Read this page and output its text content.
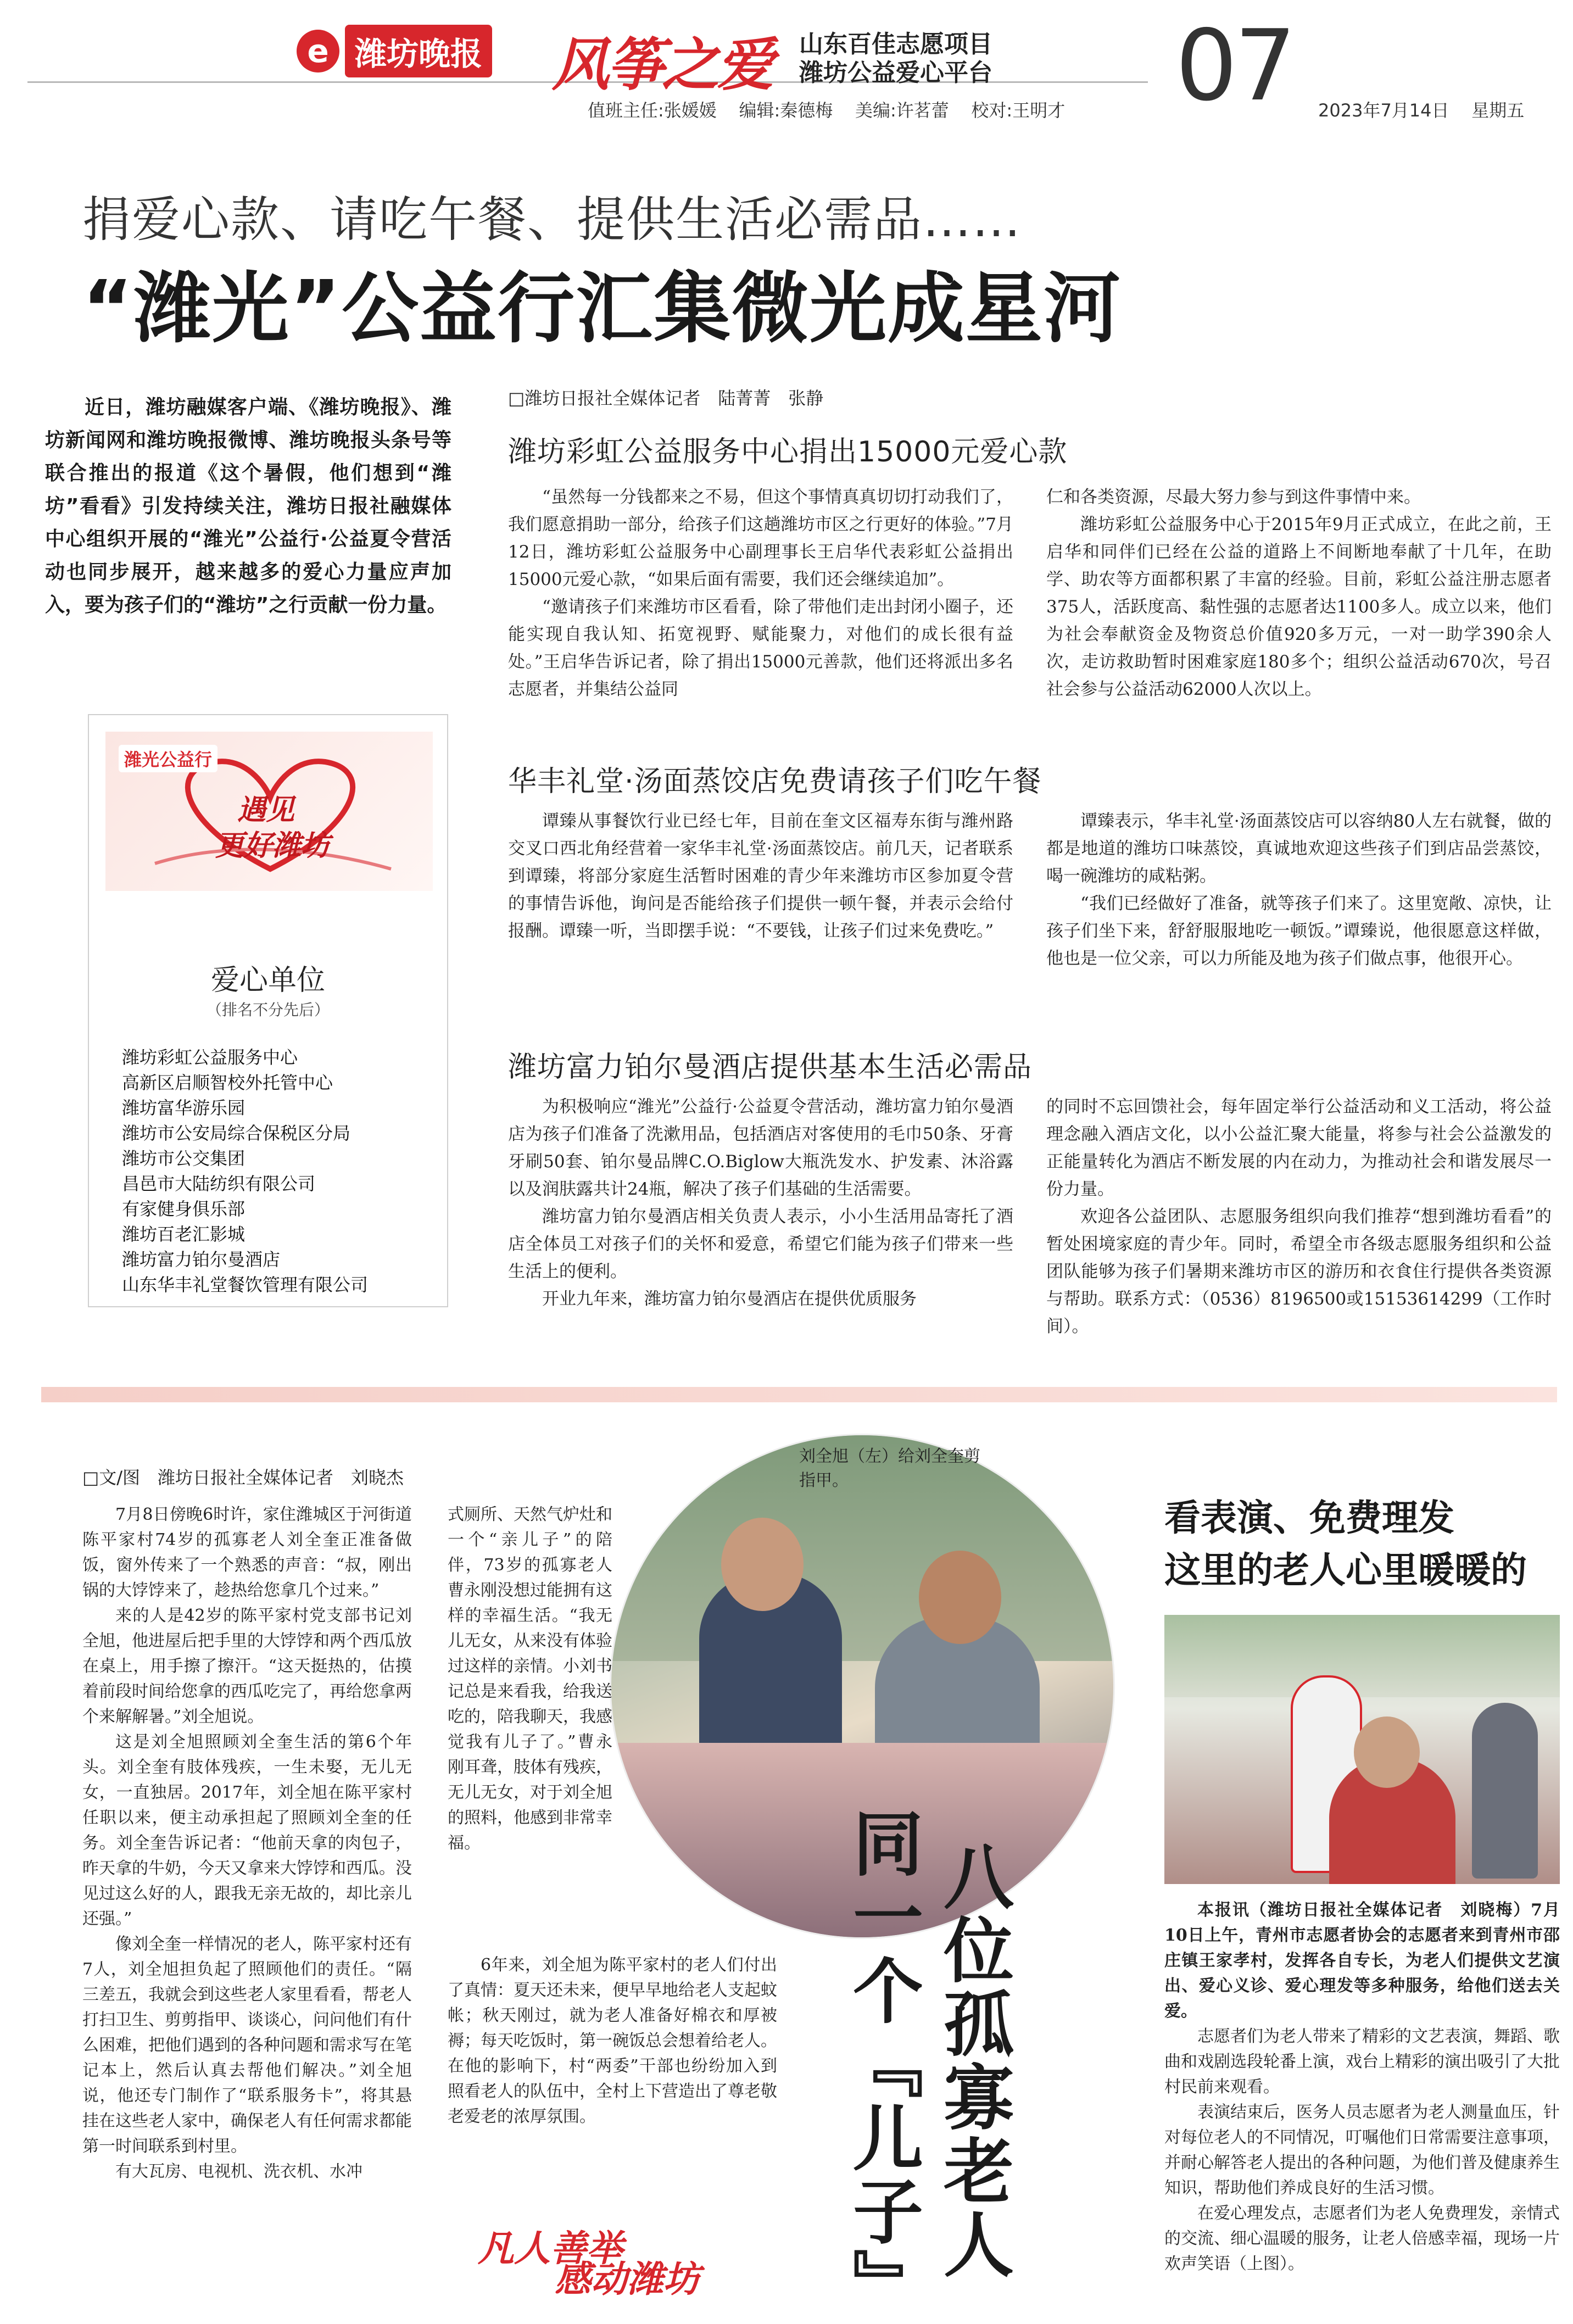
e 潍坊晚报 风筝之爱 山东百佳志愿项目
潍坊公益爱心平台 07
值班主任:张媛媛    编辑:秦德梅    美编:许茗蕾    校对:王明才	2023年7月14日    星期五
捐爱心款、请吃午餐、提供生活必需品……
“潍光”公益行汇集微光成星河
近日，潍坊融媒客户端、《潍坊晚报》、潍坊新闻网和潍坊晚报微博、潍坊晚报头条号等联合推出的报道《这个暑假，他们想到“潍坊”看看》引发持续关注，潍坊日报社融媒体中心组织开展的“潍光”公益行·公益夏令营活动也同步展开，越来越多的爱心力量应声加入，要为孩子们的“潍坊”之行贡献一份力量。
潍光公益行
遇见
更好潍坊
爱心单位
（排名不分先后）
潍坊彩虹公益服务中心
高新区启顺智校外托管中心
潍坊富华游乐园
潍坊市公安局综合保税区分局
潍坊市公交集团
昌邑市大陆纺织有限公司
有家健身俱乐部
潍坊百老汇影城
潍坊富力铂尔曼酒店
山东华丰礼堂餐饮管理有限公司
□潍坊日报社全媒体记者　陆菁菁　张静
潍坊彩虹公益服务中心捐出15000元爱心款

“虽然每一分钱都来之不易，但这个事情真真切切打动我们了，我们愿意捐助一部分，给孩子们这趟潍坊市区之行更好的体验。”7月12日，潍坊彩虹公益服务中心副理事长王启华代表彩虹公益捐出15000元爱心款，“如果后面有需要，我们还会继续追加”。

“邀请孩子们来潍坊市区看看，除了带他们走出封闭小圈子，还能实现自我认知、拓宽视野、赋能聚力，对他们的成长很有益处。”王启华告诉记者，除了捐出15000元善款，他们还将派出多名志愿者，并集结公益同

仁和各类资源，尽最大努力参与到这件事情中来。

潍坊彩虹公益服务中心于2015年9月正式成立，在此之前，王启华和同伴们已经在公益的道路上不间断地奉献了十几年，在助学、助农等方面都积累了丰富的经验。目前，彩虹公益注册志愿者375人，活跃度高、黏性强的志愿者达1100多人。成立以来，他们为社会奉献资金及物资总价值920多万元，一对一助学390余人次，走访救助暂时困难家庭180多个；组织公益活动670次，号召社会参与公益活动62000人次以上。

华丰礼堂·汤面蒸饺店免费请孩子们吃午餐

谭臻从事餐饮行业已经七年，目前在奎文区福寿东街与潍州路交叉口西北角经营着一家华丰礼堂·汤面蒸饺店。前几天，记者联系到谭臻，将部分家庭生活暂时困难的青少年来潍坊市区参加夏令营的事情告诉他，询问是否能给孩子们提供一顿午餐，并表示会给付报酬。谭臻一听，当即摆手说：“不要钱，让孩子们过来免费吃。”

谭臻表示，华丰礼堂·汤面蒸饺店可以容纳80人左右就餐，做的都是地道的潍坊口味蒸饺，真诚地欢迎这些孩子们到店品尝蒸饺，喝一碗潍坊的咸粘粥。

“我们已经做好了准备，就等孩子们来了。这里宽敞、凉快，让孩子们坐下来，舒舒服服地吃一顿饭。”谭臻说，他很愿意这样做，他也是一位父亲，可以力所能及地为孩子们做点事，他很开心。

潍坊富力铂尔曼酒店提供基本生活必需品

为积极响应“潍光”公益行·公益夏令营活动，潍坊富力铂尔曼酒店为孩子们准备了洗漱用品，包括酒店对客使用的毛巾50条、牙膏牙刷50套、铂尔曼品牌C.O.Biglow大瓶洗发水、护发素、沐浴露以及润肤露共计24瓶，解决了孩子们基础的生活需要。

潍坊富力铂尔曼酒店相关负责人表示，小小生活用品寄托了酒店全体员工对孩子们的关怀和爱意，希望它们能为孩子们带来一些生活上的便利。

开业九年来，潍坊富力铂尔曼酒店在提供优质服务

的同时不忘回馈社会，每年固定举行公益活动和义工活动，将公益理念融入酒店文化，以小公益汇聚大能量，将参与社会公益激发的正能量转化为酒店不断发展的内在动力，为推动社会和谐发展尽一份力量。

欢迎各公益团队、志愿服务组织向我们推荐“想到潍坊看看”的暂处困境家庭的青少年。同时，希望全市各级志愿服务组织和公益团队能够为孩子们暑期来潍坊市区的游历和衣食住行提供各类资源与帮助。联系方式：（0536）8196500或15153614299（工作时间）。

□文/图　潍坊日报社全媒体记者　刘晓杰

7月8日傍晚6时许，家住潍城区于河街道陈平家村74岁的孤寡老人刘全奎正准备做饭，窗外传来了一个熟悉的声音：“叔，刚出锅的大饽饽来了，趁热给您拿几个过来。”

来的人是42岁的陈平家村党支部书记刘全旭，他进屋后把手里的大饽饽和两个西瓜放在桌上，用手擦了擦汗。“这天挺热的，估摸着前段时间给您拿的西瓜吃完了，再给您拿两个来解解暑。”刘全旭说。

这是刘全旭照顾刘全奎生活的第6个年头。刘全奎有肢体残疾，一生未娶，无儿无女，一直独居。2017年，刘全旭在陈平家村任职以来，便主动承担起了照顾刘全奎的任务。刘全奎告诉记者：“他前天拿的肉包子，昨天拿的牛奶，今天又拿来大饽饽和西瓜。没见过这么好的人，跟我无亲无故的，却比亲儿还强。”

像刘全奎一样情况的老人，陈平家村还有7人，刘全旭担负起了照顾他们的责任。“隔三差五，我就会到这些老人家里看看，帮老人打扫卫生、剪剪指甲、谈谈心，问问他们有什么困难，把他们遇到的各种问题和需求写在笔记本上，然后认真去帮他们解决。”刘全旭说，他还专门制作了“联系服务卡”，将其悬挂在这些老人家中，确保老人有任何需求都能第一时间联系到村里。

有大瓦房、电视机、洗衣机、水冲

刘全旭（左）给刘全奎剪指甲。

式厕所、天然气炉灶和一个“亲儿子”的陪伴，73岁的孤寡老人曹永刚没想过能拥有这样的幸福生活。“我无儿无女，从来没有体验过这样的亲情。小刘书记总是来看我，给我送吃的，陪我聊天，我感觉我有儿子了。”曹永刚耳聋，肢体有残疾，无儿无女，对于刘全旭的照料，他感到非常幸福。

6年来，刘全旭为陈平家村的老人们付出了真情：夏天还未来，便早早地给老人支起蚊帐；秋天刚过，就为老人准备好棉衣和厚被褥；每天吃饭时，第一碗饭总会想着给老人。在他的影响下，村“两委”干部也纷纷加入到照看老人的队伍中，全村上下营造出了尊老敬老爱老的浓厚氛围。	八位孤寡老人
同一个『儿子』
凡人善举
感动潍坊
看表演、免费理发
这里的老人心里暖暖的

本报讯（潍坊日报社全媒体记者　刘晓梅）7月10日上午，青州市志愿者协会的志愿者来到青州市邵庄镇王家孝村，发挥各自专长，为老人们提供文艺演出、爱心义诊、爱心理发等多种服务，给他们送去关爱。

志愿者们为老人带来了精彩的文艺表演，舞蹈、歌曲和戏剧选段轮番上演，戏台上精彩的演出吸引了大批村民前来观看。

表演结束后，医务人员志愿者为老人测量血压，针对每位老人的不同情况，叮嘱他们日常需要注意事项，并耐心解答老人提出的各种问题，为他们普及健康养生知识，帮助他们养成良好的生活习惯。

在爱心理发点，志愿者们为老人免费理发，亲情式的交流、细心温暖的服务，让老人倍感幸福，现场一片欢声笑语（上图）。
